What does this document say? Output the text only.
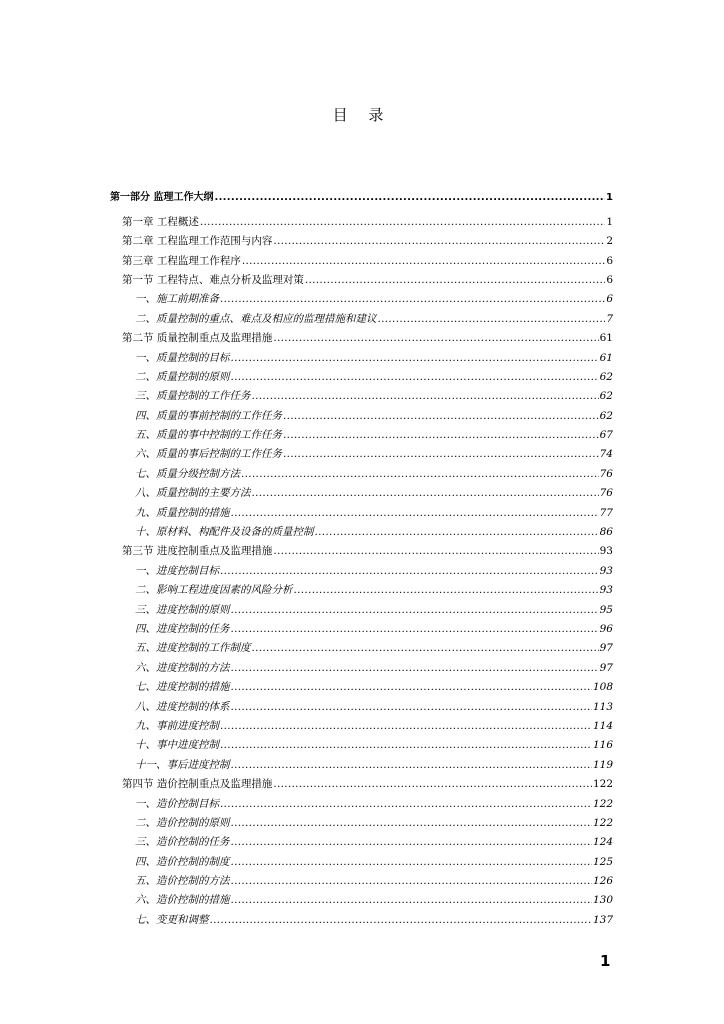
目 录
第一部分 监理工作大纲 .....	1
第一章 工程概述 .....	1
第二章 工程监理工作范围与内容 .....	2
第三章 工程监理工作程序 .....	6
第一节 工程特点、难点分析及监理对策 .....	6
一、施工前期准备 .....	6
二、质量控制的重点、难点及相应的监理措施和建议 .....	7
第二节 质量控制重点及监理措施 .....	61
一、质量控制的目标 .....	61
二、质量控制的原则 .....	62
三、质量控制的工作任务 .....	62
四、质量的事前控制的工作任务 .....	62
五、质量的事中控制的工作任务 .....	67
六、质量的事后控制的工作任务 .....	74
七、质量分级控制方法 .....	76
八、质量控制的主要方法 .....	76
九、质量控制的措施 .....	77
十、原材料、构配件及设备的质量控制 .....	86
第三节 进度控制重点及监理措施 .....	93
一、进度控制目标 .....	93
二、影响工程进度因素的风险分析 .....	93
三、进度控制的原则 .....	95
四、进度控制的任务 .....	96
五、进度控制的工作制度 .....	97
六、进度控制的方法 .....	97
七、进度控制的措施 .....	108
八、进度控制的体系 .....	113
九、事前进度控制 .....	114
十、事中进度控制 .....	116
十一、事后进度控制 .....	119
第四节 造价控制重点及监理措施 .....	122
一、造价控制目标 .....	122
二、造价控制的原则 .....	122
三、造价控制的任务 .....	124
四、造价控制的制度 .....	125
五、造价控制的方法 .....	126
六、造价控制的措施 .....	130
七、变更和调整 .....	137
1
